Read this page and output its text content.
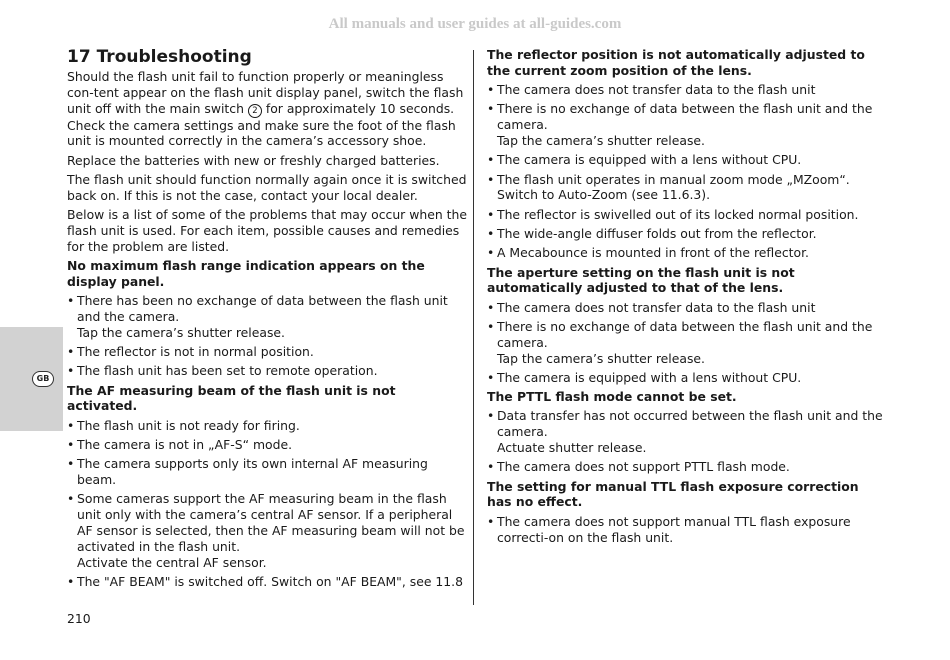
All manuals and user guides at all-guides.com
GB
17 Troubleshooting

Should the flash unit fail to function properly or meaningless con-tent appear on the flash unit display panel, switch the flash unit off with the main switch 2 for approximately 10 seconds. Check the camera settings and make sure the foot of the flash unit is mounted correctly in the camera’s accessory shoe.

Replace the batteries with new or freshly charged batteries.

The flash unit should function normally again once it is switched back on. If this is not the case, contact your local dealer.

Below is a list of some of the problems that may occur when the flash unit is used. For each item, possible causes and remedies for the problem are listed.

No maximum flash range indication appears on the display panel.
• There has been no exchange of data between the flash unit and the camera.
Tap the camera’s shutter release.
• The reflector is not in normal position.
• The flash unit has been set to remote operation.
The AF measuring beam of the flash unit is not activated.
• The flash unit is not ready for firing.
• The camera is not in „AF-S“ mode.
• The camera supports only its own internal AF measuring beam.
• Some cameras support the AF measuring beam in the flash unit only with the camera’s central AF sensor. If a peripheral AF sensor is selected, then the AF measuring beam will not be activated in the flash unit.
Activate the central AF sensor.
• The "AF BEAM" is switched off. Switch on "AF BEAM", see 11.8
The reflector position is not automatically adjusted to the current zoom position of the lens.
• The camera does not transfer data to the flash unit
• There is no exchange of data between the flash unit and the camera.
Tap the camera’s shutter release.
• The camera is equipped with a lens without CPU.
• The flash unit operates in manual zoom mode „MZoom“.
Switch to Auto-Zoom (see 11.6.3).
• The reflector is swivelled out of its locked normal position.
• The wide-angle diffuser folds out from the reflector.
• A Mecabounce is mounted in front of the reflector.
The aperture setting on the flash unit is not automatically adjusted to that of the lens.
• The camera does not transfer data to the flash unit
• There is no exchange of data between the flash unit and the camera.
Tap the camera’s shutter release.
• The camera is equipped with a lens without CPU.
The PTTL flash mode cannot be set.
• Data transfer has not occurred between the flash unit and the camera.
Actuate shutter release.
• The camera does not support PTTL flash mode.
The setting for manual TTL flash exposure correction has no effect.
• The camera does not support manual TTL flash exposure correcti-on on the flash unit.
210
